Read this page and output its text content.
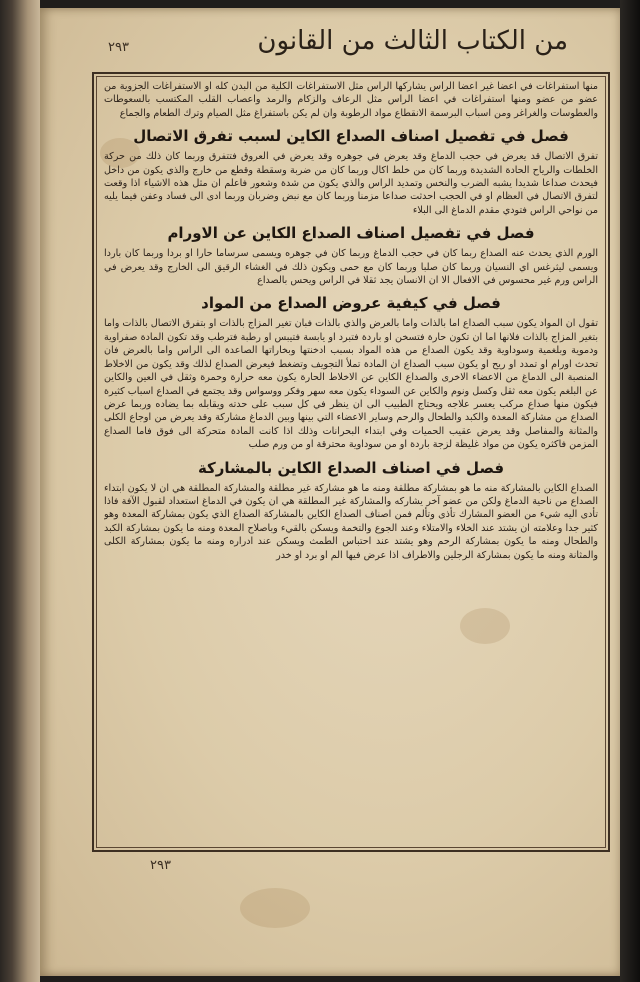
من الكتاب الثالث من القانون
٢٩٣

منها استفراغات في اعضا غير اعضا الراس يشاركها الراس مثل الاستفراغات الكلية من البدن كله او الاستفراغات الجزوية من عضو من عضو ومنها استفراغات في اعضا الراس مثل الرعاف والزكام والرمد واعصاب القلب المكتسب بالسعوطات والعطوسات والغراغر ومن اسباب البرسمة الانقطاع مواد الرطوبة وان لم يكن باستفراغ مثل الصيام وترك الطعام والجماع

فصل في تفصيل اصناف الصداع الكاين لسبب تفرق الاتصال

تفرق الاتصال قد يعرض في حجب الدماغ وقد يعرض في جوهره وقد يعرض في العروق فتتفرق وربما كان ذلك من حركة الخلطات والرياح الحادة الشديدة وربما كان من خلط اكال وربما كان من ضربة وسقطة وقطع من خارج والذي يكون من داخل فيحدث صداعا شديدا يشبه الضرب والنخس وتمديد الراس والذي يكون من شدة وشعور فاعلم ان مثل هذه الاشياء اذا وقعت لتفرق الاتصال في العظام او في الحجب احدثت صداعا مزمنا وربما كان مع نبض وضربان وربما ادى الى فساد وعفن فيما يليه من نواحي الراس فتودي مقدم الدماغ الى البلاء

فصل في تفصيل اصناف الصداع الكاين عن الاورام

الورم الذي يحدث عنه الصداع ربما كان في حجب الدماغ وربما كان في جوهره ويسمى سرساما حارا او بردا وربما كان باردا ويسمى ليثرغس اي النسيان وربما كان صلبا وربما كان مع حمى ويكون ذلك في الغشاء الرقيق الى الخارج وقد يعرض في الراس ورم غير محسوس في الافعال الا ان الانسان يجد ثقلا في الراس ويحس بالصداع

فصل في كيفية عروض الصداع من المواد

تقول ان المواد يكون سبب الصداع اما بالذات واما بالعرض والذي بالذات فبان تغير المزاج بالذات او بتفرق الاتصال بالذات واما بتغير المزاج بالذات فلانها اما ان تكون حارة فتسخن او باردة فتبرد او يابسة فتيبس او رطبة فترطب وقد تكون المادة صفراوية ودموية وبلغمية وسوداوية وقد يكون الصداع من هذه المواد بسبب ادخنتها وبخاراتها الصاعدة الى الراس واما بالعرض فان تحدث اورام او تمدد او ريح او يكون سبب الصداع ان المادة تملأ التجويف وتضغط فيعرض الصداع لذلك وقد يكون من الاخلاط المنصبة الى الدماغ من الاعضاء الاخرى والصداع الكاين عن الاخلاط الحارة يكون معه حرارة وحمرة وثقل في العين والكاين عن البلغم يكون معه ثقل وكسل ونوم والكاين عن السوداء يكون معه سهر وفكر ووسواس وقد يجتمع في الصداع اسباب كثيرة فيكون منها صداع مركب يعسر علاجه ويحتاج الطبيب الى ان ينظر في كل سبب على حدته ويقابله بما يضاده وربما عرض الصداع من مشاركة المعدة والكبد والطحال والرحم وساير الاعضاء التي بينها وبين الدماغ مشاركة وقد يعرض من اوجاع الكلى والمثانة والمفاصل وقد يعرض عقيب الحميات وفي ابتداء البحرانات وذلك اذا كانت المادة متحركة الى فوق فاما الصداع المزمن فاكثره يكون من مواد غليظة لزجة باردة او من سوداوية محترقة او من ورم صلب

فصل في اصناف الصداع الكاين بالمشاركة

الصداع الكاين بالمشاركة منه ما هو بمشاركة مطلقة ومنه ما هو مشاركة غير مطلقة والمشاركة المطلقة هي ان لا يكون ابتداء الصداع من ناحية الدماغ ولكن من عضو آخر يشاركه والمشاركة غير المطلقة هي ان يكون في الدماغ استعداد لقبول الآفة فاذا تأدى اليه شيء من العضو المشارك تأذى وتألم فمن اصناف الصداع الكاين بالمشاركة الصداع الذي يكون بمشاركة المعدة وهو كثير جدا وعلامته ان يشتد عند الخلاء والامتلاء وعند الجوع والتخمة ويسكن بالقيء وباصلاح المعدة ومنه ما يكون بمشاركة الكبد والطحال ومنه ما يكون بمشاركة الرحم وهو يشتد عند احتباس الطمث ويسكن عند ادراره ومنه ما يكون بمشاركة الكلى والمثانة ومنه ما يكون بمشاركة الرجلين والاطراف اذا عرض فيها الم او برد او خدر

٢٩٣
